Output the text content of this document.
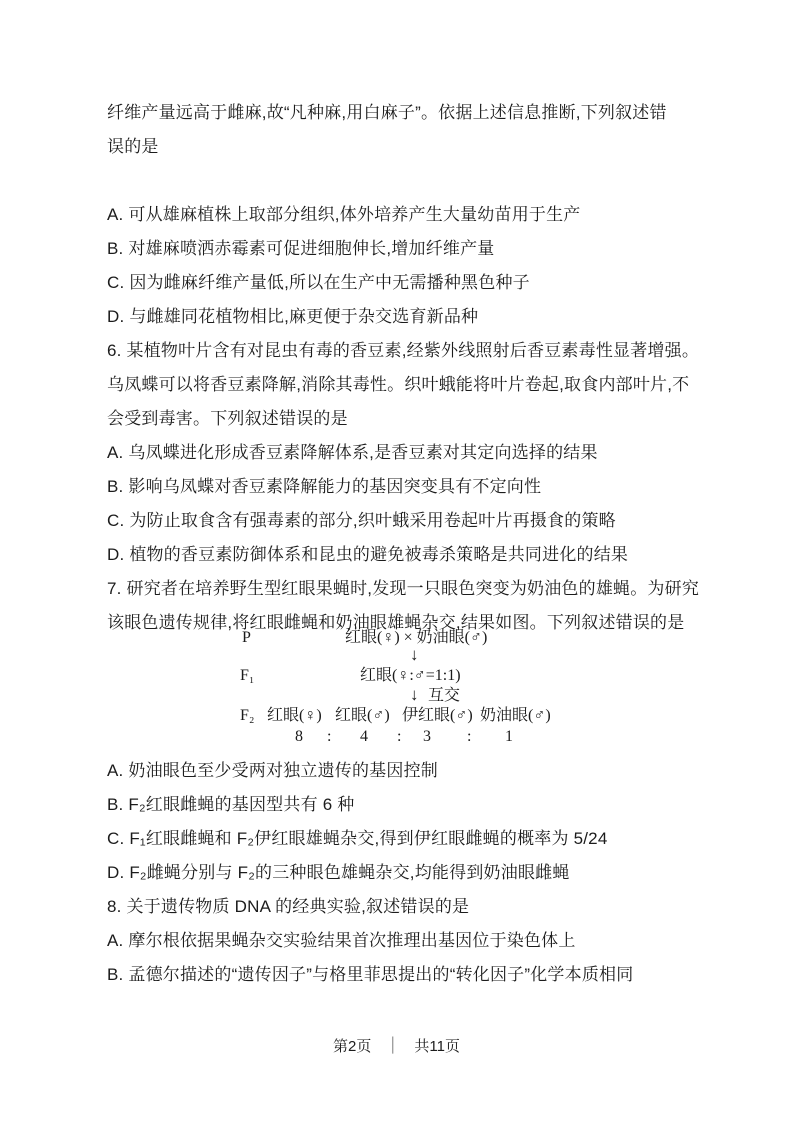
纤维产量远高于雌麻,故“凡种麻,用白麻子”。依据上述信息推断,下列叙述错

误的是

A. 可从雄麻植株上取部分组织,体外培养产生大量幼苗用于生产

B. 对雄麻喷洒赤霉素可促进细胞伸长,增加纤维产量

C. 因为雌麻纤维产量低,所以在生产中无需播种黑色种子

D. 与雌雄同花植物相比,麻更便于杂交选育新品种

6. 某植物叶片含有对昆虫有毒的香豆素,经紫外线照射后香豆素毒性显著增强。

乌凤蝶可以将香豆素降解,消除其毒性。织叶蛾能将叶片卷起,取食内部叶片,不

会受到毒害。下列叙述错误的是

A. 乌凤蝶进化形成香豆素降解体系,是香豆素对其定向选择的结果

B. 影响乌凤蝶对香豆素降解能力的基因突变具有不定向性

C. 为防止取食含有强毒素的部分,织叶蛾采用卷起叶片再摄食的策略

D. 植物的香豆素防御体系和昆虫的避免被毒杀策略是共同进化的结果

7. 研究者在培养野生型红眼果蝇时,发现一只眼色突变为奶油色的雄蝇。为研究

该眼色遗传规律,将红眼雌蝇和奶油眼雄蝇杂交,结果如图。下列叙述错误的是

P	红眼(♀) × 奶油眼(♂)
↓
F₁	红眼(♀:♂=1:1)
↓ 互交
F₂ 红眼(♀) 红眼(♂) 伊红眼(♂) 奶油眼(♂)
8 : 4 : 3 : 1

A. 奶油眼色至少受两对独立遗传的基因控制

B. F₂红眼雌蝇的基因型共有 6 种

C. F₁红眼雌蝇和 F₂伊红眼雄蝇杂交,得到伊红眼雌蝇的概率为 5/24

D. F₂雌蝇分别与 F₂的三种眼色雄蝇杂交,均能得到奶油眼雌蝇

8. 关于遗传物质 DNA 的经典实验,叙述错误的是

A. 摩尔根依据果蝇杂交实验结果首次推理出基因位于染色体上

B. 孟德尔描述的“遗传因子”与格里菲思提出的“转化因子”化学本质相同

第2页 ｜ 共11页
